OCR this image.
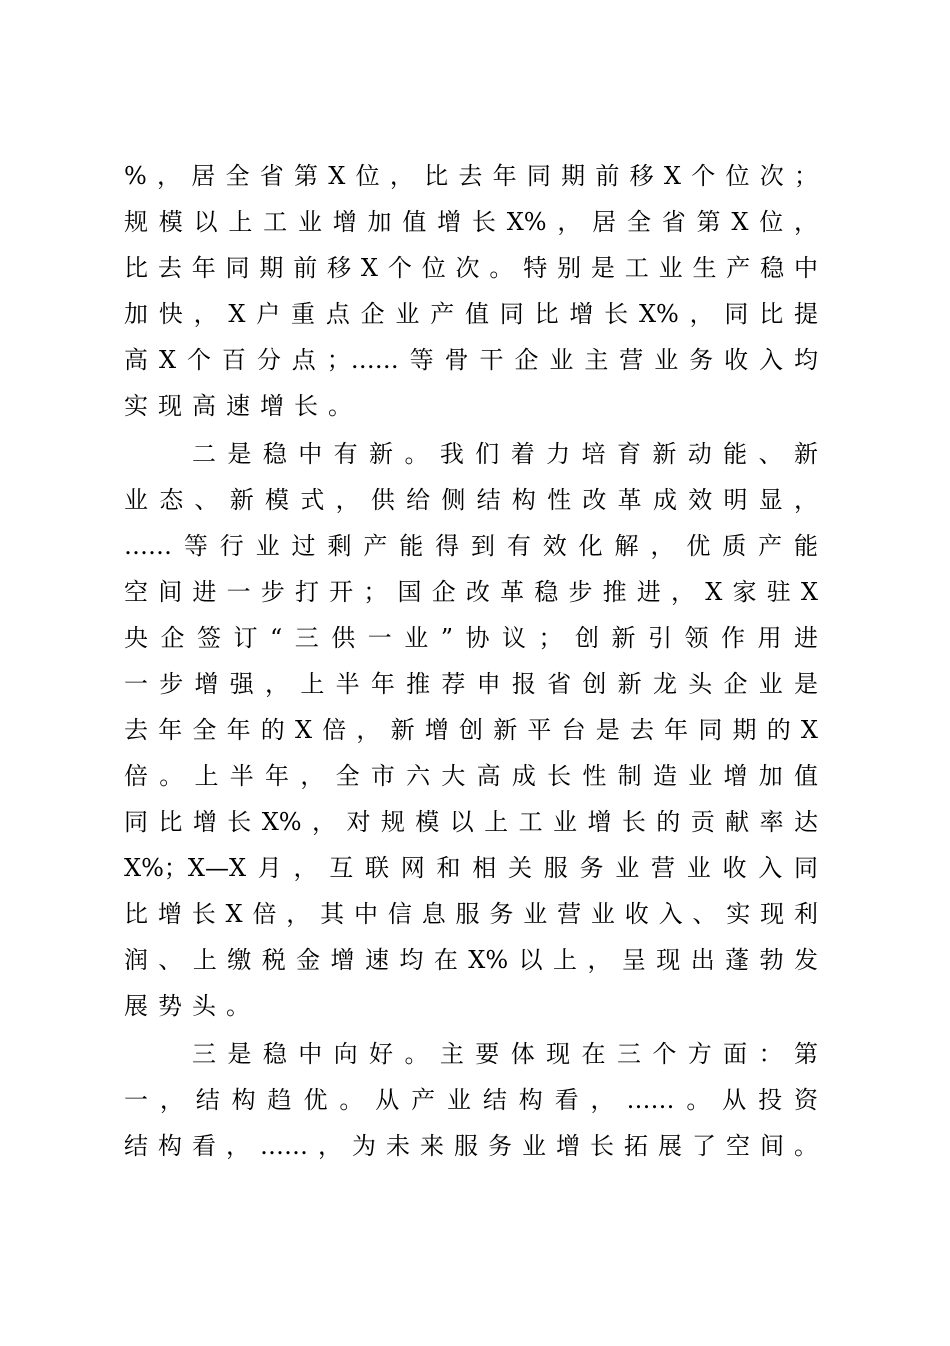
%，居全省第X位，比去年同期前移X个位次；
规模以上工业增加值增长X%，居全省第X位，
比去年同期前移X个位次。特别是工业生产稳中
加快，X户重点企业产值同比增长X%，同比提
高X个百分点；……等骨干企业主营业务收入均
实现高速增长。
二是稳中有新。我们着力培育新动能、新
业态、新模式，供给侧结构性改革成效明显，
……等行业过剩产能得到有效化解，优质产能
空间进一步打开；国企改革稳步推进，X家驻X
央企签订“三供一业”协议；创新引领作用进
一步增强，上半年推荐申报省创新龙头企业是
去年全年的X倍，新增创新平台是去年同期的X
倍。上半年，全市六大高成长性制造业增加值
同比增长X%，对规模以上工业增长的贡献率达
X%；X—X月，互联网和相关服务业营业收入同
比增长X倍，其中信息服务业营业收入、实现利
润、上缴税金增速均在X%以上，呈现出蓬勃发
展势头。
三是稳中向好。主要体现在三个方面：第
一，结构趋优。从产业结构看，……。从投资
结构看，……，为未来服务业增长拓展了空间。
